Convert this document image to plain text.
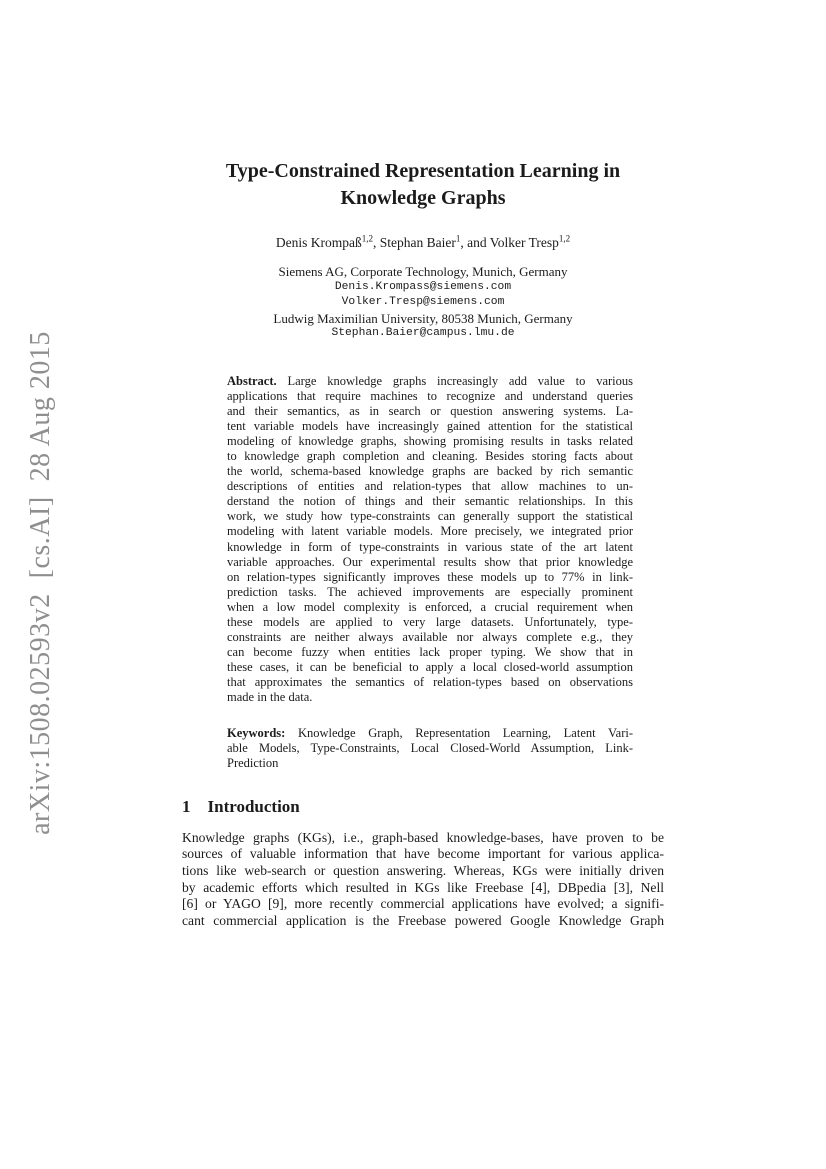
arXiv:1508.02593v2  [cs.AI]  28 Aug 2015
Type-Constrained Representation Learning in
Knowledge Graphs
Denis Krompaß$^{1,2}$, Stephan Baier$^1$, and Volker Tresp$^{1,2}$
Siemens AG, Corporate Technology, Munich, Germany
Denis.Krompass@siemens.com
Volker.Tresp@siemens.com
Ludwig Maximilian University, 80538 Munich, Germany
Stephan.Baier@campus.lmu.de
Abstract. Large knowledge graphs increasingly add value to various
applications that require machines to recognize and understand queries
and their semantics, as in search or question answering systems. La-
tent variable models have increasingly gained attention for the statistical
modeling of knowledge graphs, showing promising results in tasks related
to knowledge graph completion and cleaning. Besides storing facts about
the world, schema-based knowledge graphs are backed by rich semantic
descriptions of entities and relation-types that allow machines to un-
derstand the notion of things and their semantic relationships. In this
work, we study how type-constraints can generally support the statistical
modeling with latent variable models. More precisely, we integrated prior
knowledge in form of type-constraints in various state of the art latent
variable approaches. Our experimental results show that prior knowledge
on relation-types significantly improves these models up to 77% in link-
prediction tasks. The achieved improvements are especially prominent
when a low model complexity is enforced, a crucial requirement when
these models are applied to very large datasets. Unfortunately, type-
constraints are neither always available nor always complete e.g., they
can become fuzzy when entities lack proper typing. We show that in
these cases, it can be beneficial to apply a local closed-world assumption
that approximates the semantics of relation-types based on observations
made in the data.
Keywords: Knowledge Graph, Representation Learning, Latent Vari-
able Models, Type-Constraints, Local Closed-World Assumption, Link-
Prediction
1 Introduction
Knowledge graphs (KGs), i.e., graph-based knowledge-bases, have proven to be
sources of valuable information that have become important for various applica-
tions like web-search or question answering. Whereas, KGs were initially driven
by academic efforts which resulted in KGs like Freebase [4], DBpedia [3], Nell
[6] or YAGO [9], more recently commercial applications have evolved; a signifi-
cant commercial application is the Freebase powered Google Knowledge Graph
